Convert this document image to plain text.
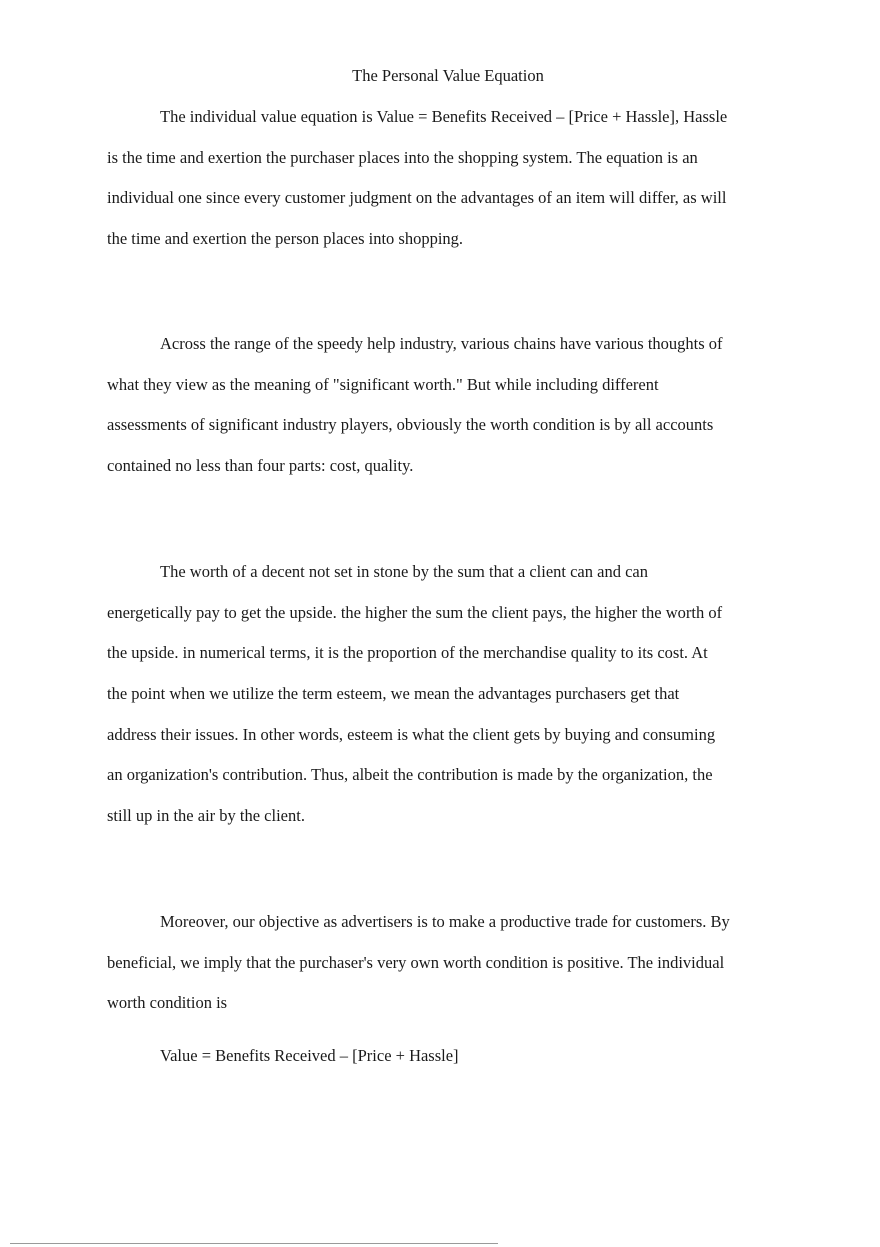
The Personal Value Equation
The individual value equation is Value = Benefits Received – [Price + Hassle], Hassle
is the time and exertion the purchaser places into the shopping system. The equation is an
individual one since every customer judgment on the advantages of an item will differ, as will
the time and exertion the person places into shopping.
Across the range of the speedy help industry, various chains have various thoughts of
what they view as the meaning of "significant worth." But while including different
assessments of significant industry players, obviously the worth condition is by all accounts
contained no less than four parts: cost, quality.
The worth of a decent not set in stone by the sum that a client can and can
energetically pay to get the upside. the higher the sum the client pays, the higher the worth of
the upside. in numerical terms, it is the proportion of the merchandise quality to its cost. At
the point when we utilize the term esteem, we mean the advantages purchasers get that
address their issues. In other words, esteem is what the client gets by buying and consuming
an organization's contribution. Thus, albeit the contribution is made by the organization, the
still up in the air by the client.
Moreover, our objective as advertisers is to make a productive trade for customers. By
beneficial, we imply that the purchaser's very own worth condition is positive. The individual
worth condition is
Value = Benefits Received – [Price + Hassle]
